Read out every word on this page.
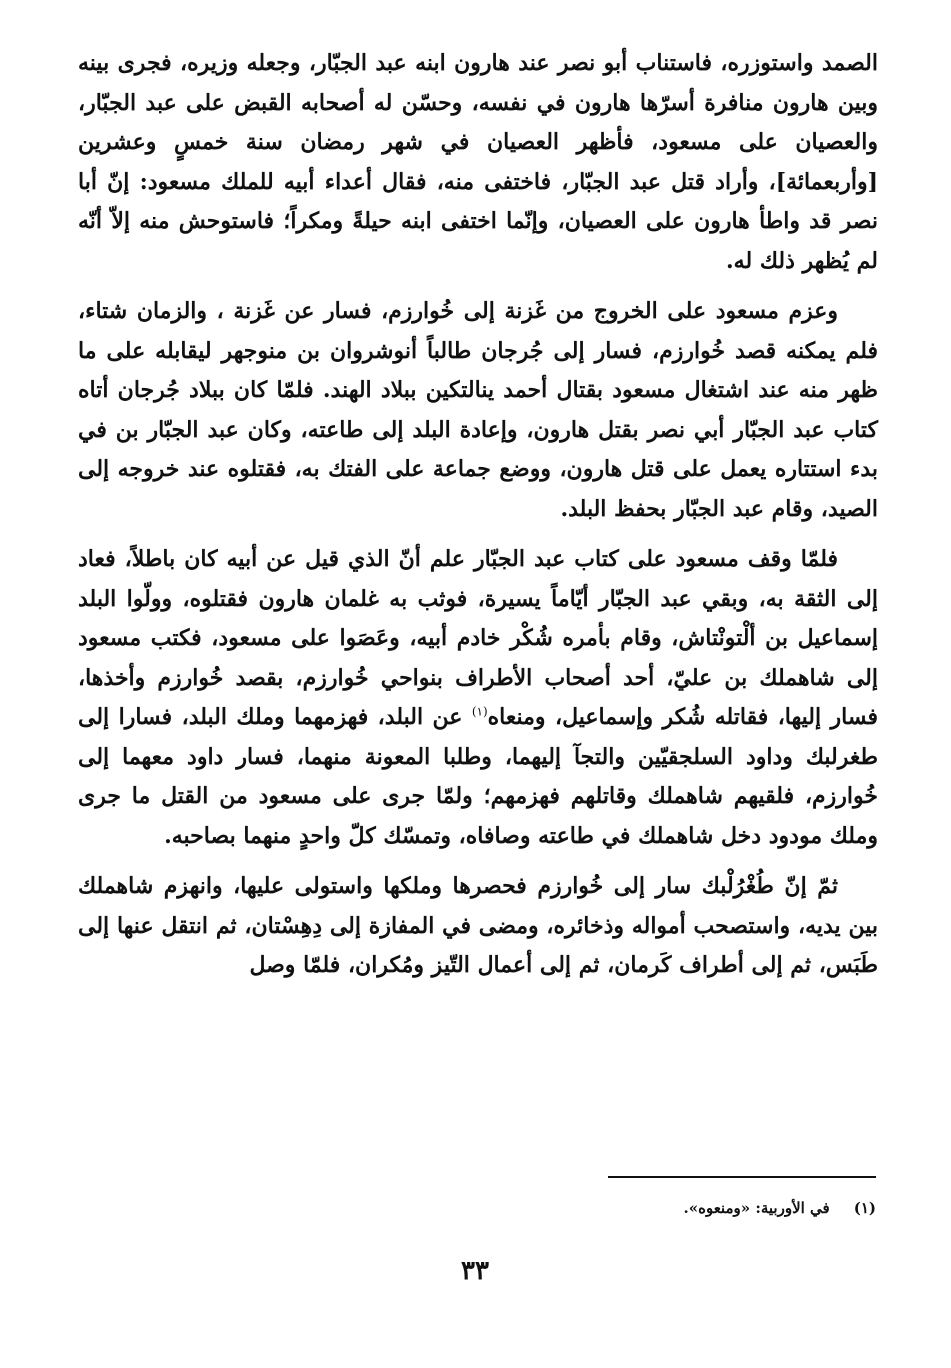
الصمد واستوزره، فاستناب أبو نصر عند هارون ابنه عبد الجبّار، وجعله وزيره، فجرى بينه وبين هارون منافرة أسرّها هارون في نفسه، وحسّن له أصحابه القبض على عبد الجبّار، والعصيان على مسعود، فأظهر العصيان في شهر رمضان سنة خمسٍ وعشرين [وأربعمائة]، وأراد قتل عبد الجبّار، فاختفى منه، فقال أعداء أبيه للملك مسعود: إنّ أبا نصر قد واطأ هارون على العصيان، وإنّما اختفى ابنه حيلةً ومكراً؛ فاستوحش منه إلاّ أنّه لم يُظهر ذلك له.

وعزم مسعود على الخروج من غَزنة إلى خُوارزم، فسار عن غَزنة ، والزمان شتاء، فلم يمكنه قصد خُوارزم، فسار إلى جُرجان طالباً أنوشروان بن منوجهر ليقابله على ما ظهر منه عند اشتغال مسعود بقتال أحمد ينالتكين ببلاد الهند. فلمّا كان ببلاد جُرجان أتاه كتاب عبد الجبّار أبي نصر بقتل هارون، وإعادة البلد إلى طاعته، وكان عبد الجبّار بن في بدء استتاره يعمل على قتل هارون، ووضع جماعة على الفتك به، فقتلوه عند خروجه إلى الصيد، وقام عبد الجبّار بحفظ البلد.

فلمّا وقف مسعود على كتاب عبد الجبّار علم أنّ الذي قيل عن أبيه كان باطلاً، فعاد إلى الثقة به، وبقي عبد الجبّار أيّاماً يسيرة، فوثب به غلمان هارون فقتلوه، وولّوا البلد إسماعيل بن ألْتونْتاش، وقام بأمره شُكْر خادم أبيه، وعَصَوا على مسعود، فكتب مسعود إلى شاهملك بن عليّ، أحد أصحاب الأطراف بنواحي خُوارزم، بقصد خُوارزم وأخذها، فسار إليها، فقاتله شُكر وإسماعيل، ومنعاه$^{(١)}$ عن البلد، فهزمهما وملك البلد، فسارا إلى طغرلبك وداود السلجقيّين والتجآ إليهما، وطلبا المعونة منهما، فسار داود معهما إلى خُوارزم، فلقيهم شاهملك وقاتلهم فهزمهم؛ ولمّا جرى على مسعود من القتل ما جرى وملك مودود دخل شاهملك في طاعته وصافاه، وتمسّك كلّ واحدٍ منهما بصاحبه.

ثمّ إنّ طُغْرُلْبك سار إلى خُوارزم فحصرها وملكها واستولى عليها، وانهزم شاهملك بين يديه، واستصحب أمواله وذخائره، ومضى في المفازة إلى دِهِسْتان، ثم انتقل عنها إلى طَبَس، ثم إلى أطراف كَرمان، ثم إلى أعمال التّيز ومُكران، فلمّا وصل

(١)في الأوربية: «ومنعوه».
٣٣
